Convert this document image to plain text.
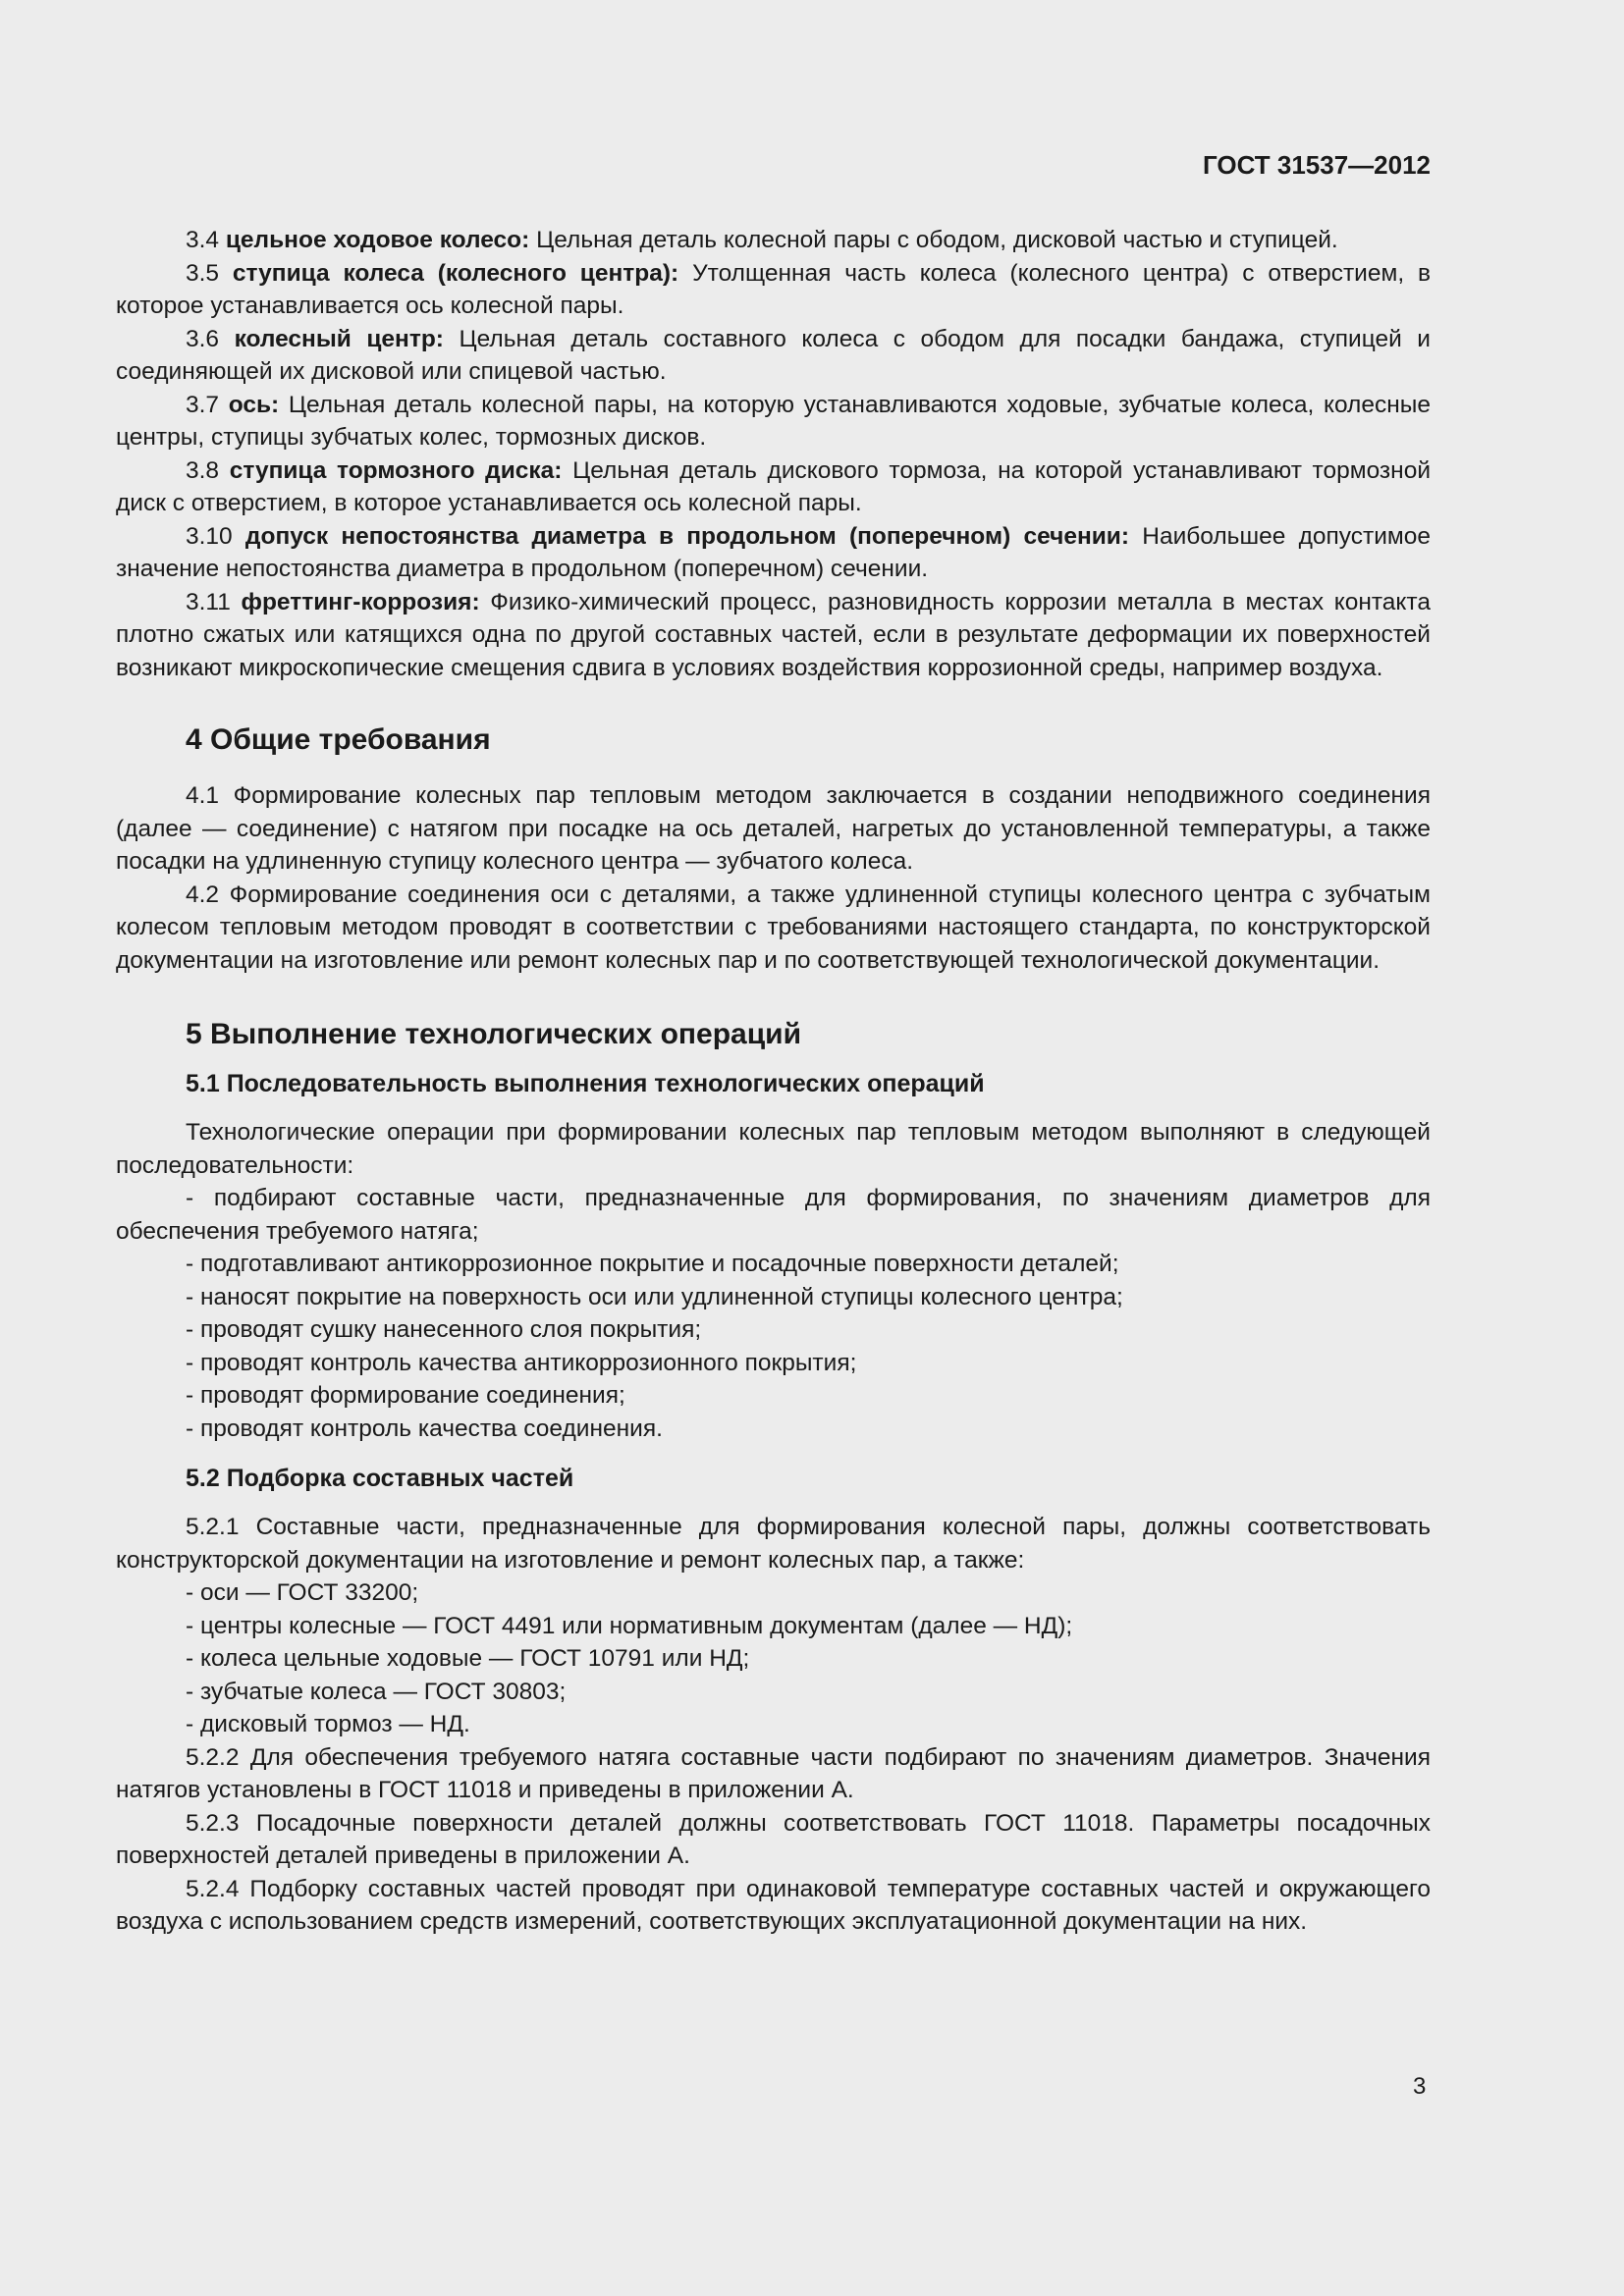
ГОСТ 31537—2012

3.4 цельное ходовое колесо: Цельная деталь колесной пары с ободом, дисковой частью и ступицей.

3.5 ступица колеса (колесного центра): Утолщенная часть колеса (колесного центра) с отверстием, в которое устанавливается ось колесной пары.

3.6 колесный центр: Цельная деталь составного колеса с ободом для посадки бандажа, ступицей и соединяющей их дисковой или спицевой частью.

3.7 ось: Цельная деталь колесной пары, на которую устанавливаются ходовые, зубчатые колеса, колесные центры, ступицы зубчатых колес, тормозных дисков.

3.8 ступица тормозного диска: Цельная деталь дискового тормоза, на которой устанавливают тормозной диск с отверстием, в которое устанавливается ось колесной пары.

3.10 допуск непостоянства диаметра в продольном (поперечном) сечении: Наибольшее допустимое значение непостоянства диаметра в продольном (поперечном) сечении.

3.11 фреттинг-коррозия: Физико-химический процесс, разновидность коррозии металла в местах контакта плотно сжатых или катящихся одна по другой составных частей, если в результате деформации их поверхностей возникают микроскопические смещения сдвига в условиях воздействия коррозионной среды, например воздуха.

4 Общие требования

4.1 Формирование колесных пар тепловым методом заключается в создании неподвижного соединения (далее — соединение) с натягом при посадке на ось деталей, нагретых до установленной температуры, а также посадки на удлиненную ступицу колесного центра — зубчатого колеса.

4.2 Формирование соединения оси с деталями, а также удлиненной ступицы колесного центра с зубчатым колесом тепловым методом проводят в соответствии с требованиями настоящего стандарта, по конструкторской документации на изготовление или ремонт колесных пар и по соответствующей технологической документации.

5 Выполнение технологических операций
5.1 Последовательность выполнения технологических операций

Технологические операции при формировании колесных пар тепловым методом выполняют в следующей последовательности:

- подбирают составные части, предназначенные для формирования, по значениям диаметров для обеспечения требуемого натяга;

- подготавливают антикоррозионное покрытие и посадочные поверхности деталей;

- наносят покрытие на поверхность оси или удлиненной ступицы колесного центра;

- проводят сушку нанесенного слоя покрытия;

- проводят контроль качества антикоррозионного покрытия;

- проводят формирование соединения;

- проводят контроль качества соединения.

5.2 Подборка составных частей

5.2.1 Составные части, предназначенные для формирования колесной пары, должны соответствовать конструкторской документации на изготовление и ремонт колесных пар, а также:

- оси — ГОСТ 33200;

- центры колесные — ГОСТ 4491 или нормативным документам (далее — НД);

- колеса цельные ходовые — ГОСТ 10791 или НД;

- зубчатые колеса — ГОСТ 30803;

- дисковый тормоз — НД.

5.2.2 Для обеспечения требуемого натяга составные части подбирают по значениям диаметров. Значения натягов установлены в ГОСТ 11018 и приведены в приложении А.

5.2.3 Посадочные поверхности деталей должны соответствовать ГОСТ 11018. Параметры посадочных поверхностей деталей приведены в приложении А.

5.2.4 Подборку составных частей проводят при одинаковой температуре составных частей и окружающего воздуха с использованием средств измерений, соответствующих эксплуатационной документации на них.

3
